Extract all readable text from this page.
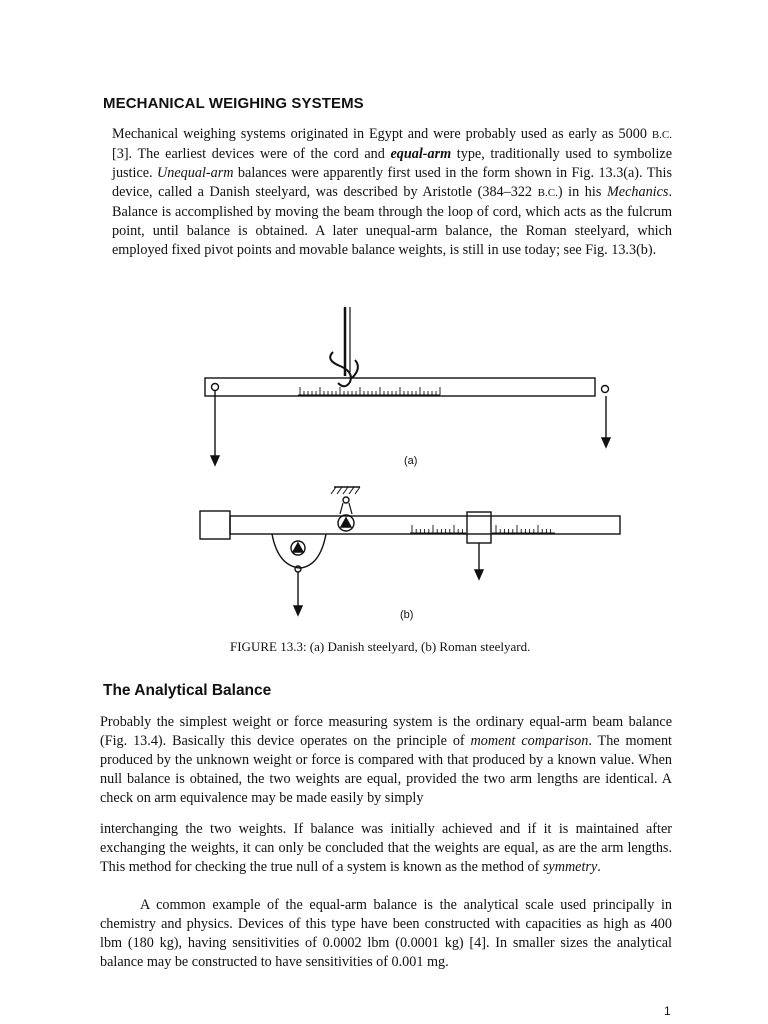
MECHANICAL WEIGHING SYSTEMS

Mechanical weighing systems originated in Egypt and were probably used as early as 5000 B.C. [3]. The earliest devices were of the cord and equal-arm type, traditionally used to symbolize justice. Unequal-arm balances were apparently first used in the form shown in Fig. 13.3(a). This device, called a Danish steelyard, was described by Aristotle (384–322 B.C.) in his Mechanics. Balance is accomplished by moving the beam through the loop of cord, which acts as the fulcrum point, until balance is obtained. A later unequal-arm balance, the Roman steelyard, which employed fixed pivot points and movable balance weights, is still in use today; see Fig. 13.3(b).

(a)
(b)

FIGURE 13.3: (a) Danish steelyard, (b) Roman steelyard.

The Analytical Balance

Probably the simplest weight or force measuring system is the ordinary equal-arm beam balance (Fig. 13.4). Basically this device operates on the principle of moment comparison. The moment produced by the unknown weight or force is compared with that produced by a known value. When null balance is obtained, the two weights are equal, provided the two arm lengths are identical. A check on arm equivalence may be made easily by simply

interchanging the two weights. If balance was initially achieved and if it is maintained after exchanging the weights, it can only be concluded that the weights are equal, as are the arm lengths. This method for checking the true null of a system is known as the method of symmetry.

A common example of the equal-arm balance is the analytical scale used principally in chemistry and physics. Devices of this type have been constructed with capacities as high as 400 lbm (180 kg), having sensitivities of 0.0002 lbm (0.0001 kg) [4]. In smaller sizes the analytical balance may be constructed to have sensitivities of 0.001 mg.

1
